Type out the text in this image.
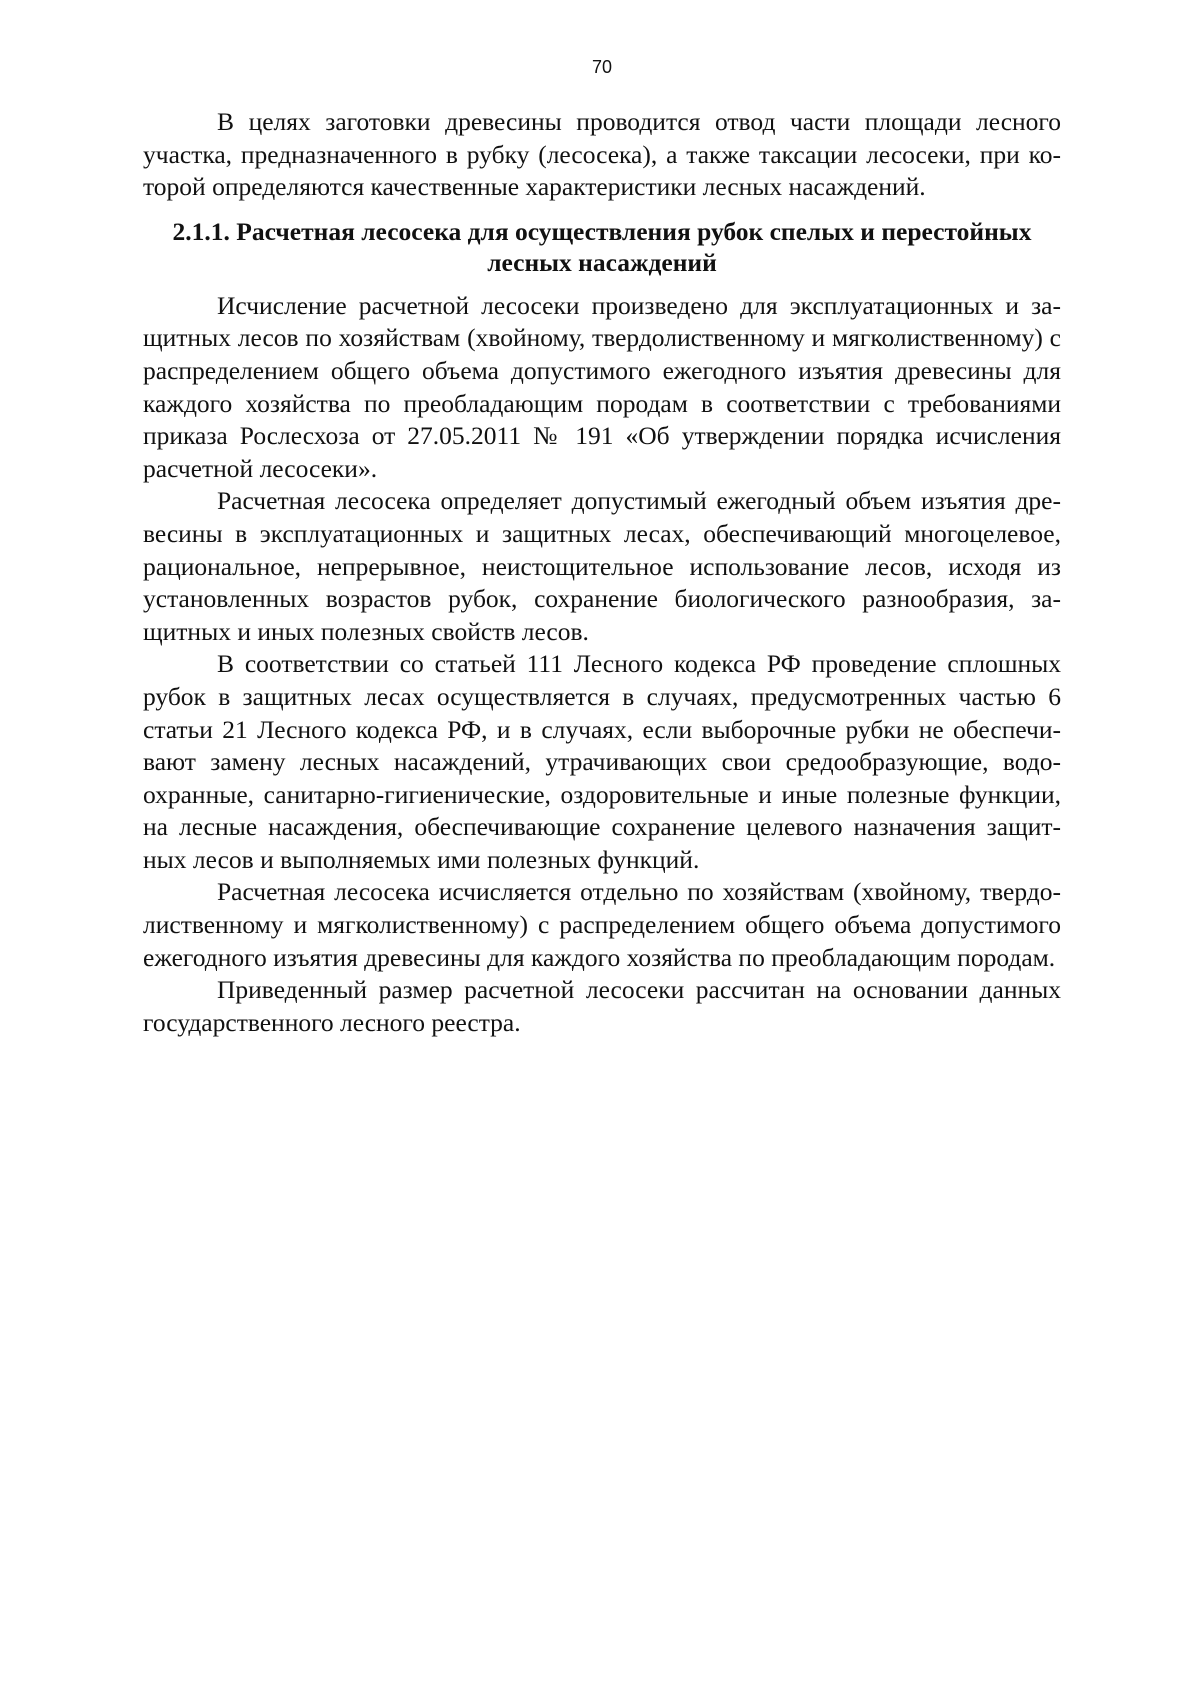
70

В целях заготовки древесины проводится отвод части площади лесного участка, предназначенного в рубку (лесосека), а также таксации лесосеки, при которой определяются качественные характеристики лесных насаждений.

2.1.1. Расчетная лесосека для осуществления рубок спелых и перестойных
лесных насаждений

Исчисление расчетной лесосеки произведено для эксплуатационных и защитных лесов по хозяйствам (хвойному, твердолиственному и мягколиственному) с распределением общего объема допустимого ежегодного изъятия древесины для каждого хозяйства по преобладающим породам в соответствии с требованиями приказа Рослесхоза от 27.05.2011 № 191 «Об утверждении порядка исчисления расчетной лесосеки».

Расчетная лесосека определяет допустимый ежегодный объем изъятия древесины в эксплуатационных и защитных лесах, обеспечивающий многоцелевое, рациональное, непрерывное, неистощительное использование лесов, исходя из установленных возрастов рубок, сохранение биологического разнообразия, защитных и иных полезных свойств лесов.

В соответствии со статьей 111 Лесного кодекса РФ проведение сплошных рубок в защитных лесах осуществляется в случаях, предусмотренных частью 6 статьи 21 Лесного кодекса РФ, и в случаях, если выборочные рубки не обеспечивают замену лесных насаждений, утрачивающих свои средообразующие, водоохранные, санитарно-гигиенические, оздоровительные и иные полезные функции, на лесные насаждения, обеспечивающие сохранение целевого назначения защитных лесов и выполняемых ими полезных функций.

Расчетная лесосека исчисляется отдельно по хозяйствам (хвойному, твердолиственному и мягколиственному) с распределением общего объема допустимого ежегодного изъятия древесины для каждого хозяйства по преобладающим породам.

Приведенный размер расчетной лесосеки рассчитан на основании данных государственного лесного реестра.
